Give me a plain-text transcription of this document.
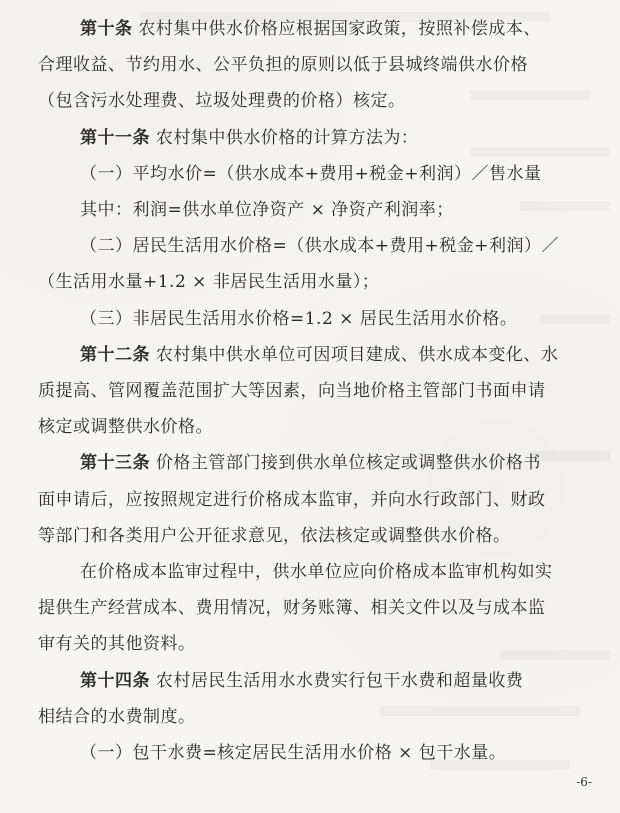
第十条 农村集中供水价格应根据国家政策，按照补偿成本、
合理收益、节约用水、公平负担的原则以低于县城终端供水价格
（包含污水处理费、垃圾处理费的价格）核定。
第十一条 农村集中供水价格的计算方法为：
（一）平均水价=（供水成本+费用+税金+利润）／售水量
其中：利润=供水单位净资产 × 净资产利润率；
（二）居民生活用水价格=（供水成本+费用+税金+利润）／
（生活用水量+1.2 × 非居民生活用水量）；
（三）非居民生活用水价格=1.2 × 居民生活用水价格。
第十二条 农村集中供水单位可因项目建成、供水成本变化、水
质提高、管网覆盖范围扩大等因素，向当地价格主管部门书面申请
核定或调整供水价格。
第十三条 价格主管部门接到供水单位核定或调整供水价格书
面申请后，应按照规定进行价格成本监审，并向水行政部门、财政
等部门和各类用户公开征求意见，依法核定或调整供水价格。
在价格成本监审过程中，供水单位应向价格成本监审机构如实
提供生产经营成本、费用情况，财务账簿、相关文件以及与成本监
审有关的其他资料。
第十四条 农村居民生活用水水费实行包干水费和超量收费
相结合的水费制度。
（一）包干水费=核定居民生活用水价格 × 包干水量。
-6-
